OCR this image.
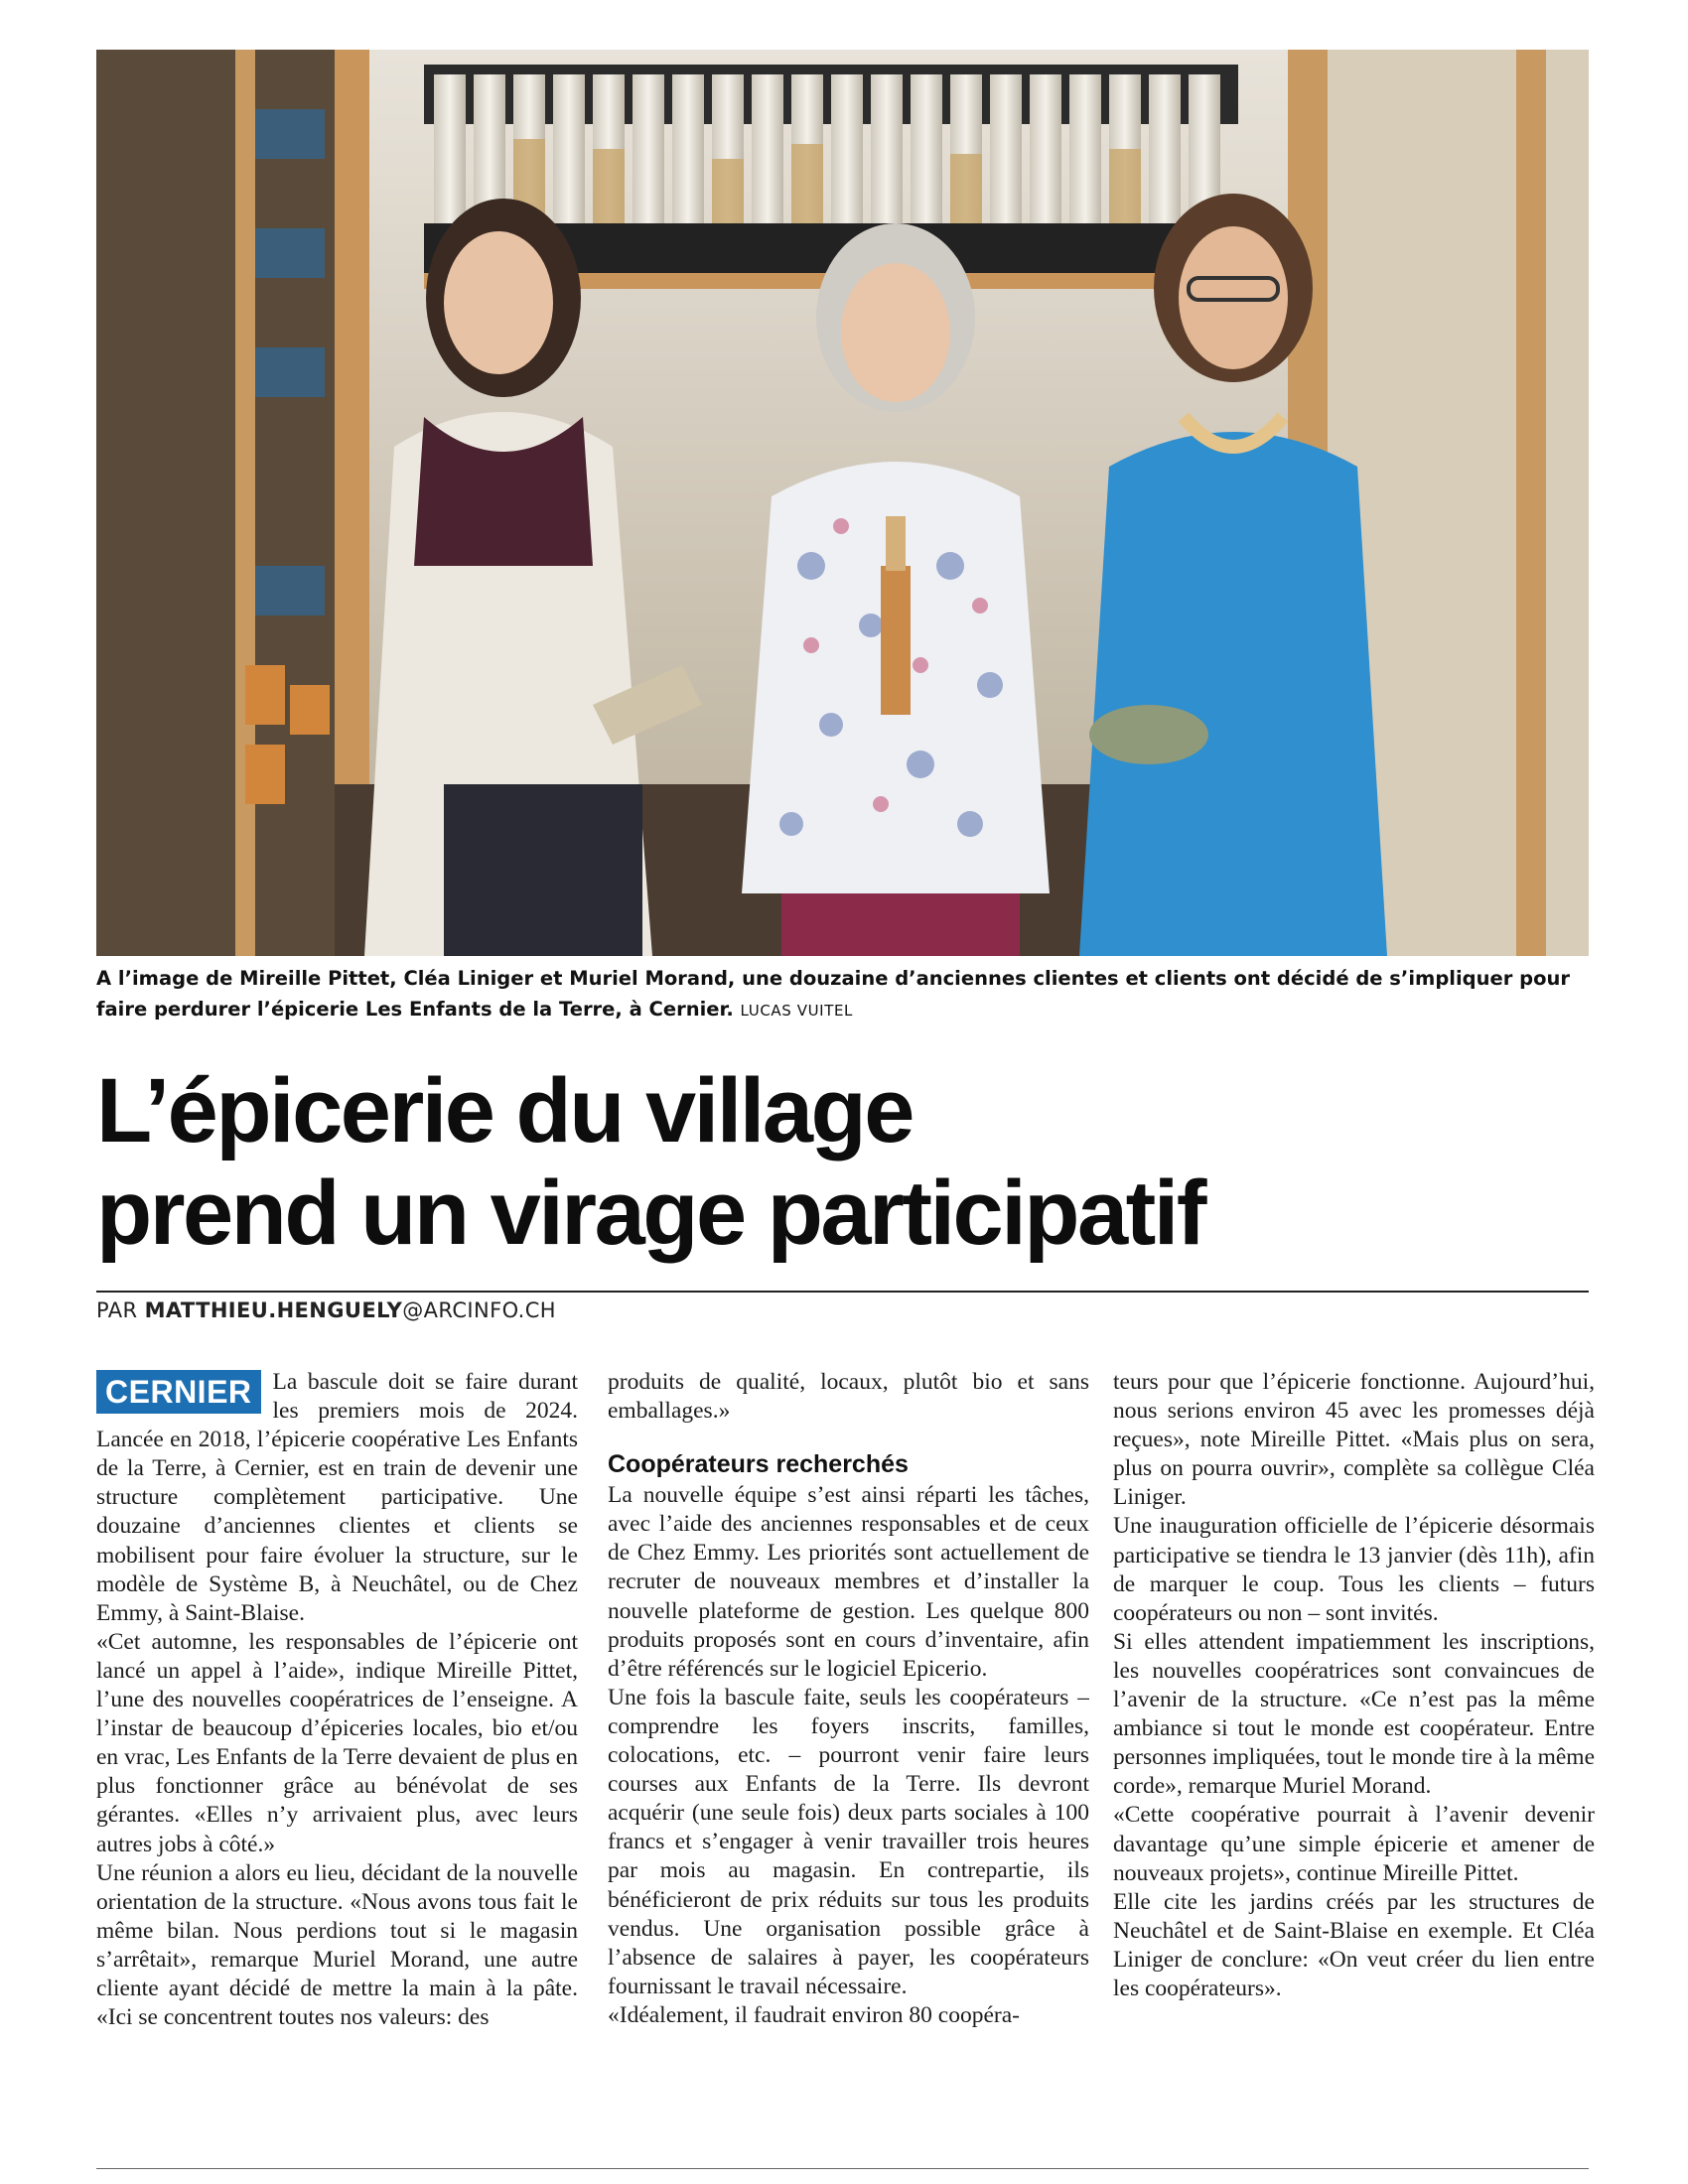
A l’image de Mireille Pittet, Cléa Liniger et Muriel Morand, une douzaine d’anciennes clientes et clients ont décidé de s’impliquer pour faire perdurer l’épicerie Les Enfants de la Terre, à Cernier. LUCAS VUITEL
L’épicerie du village
prend un virage participatif
PAR MATTHIEU.HENGUELY@ARCINFO.CH

CERNIER La bascule doit se faire durant les premiers mois de 2024. Lancée en 2018, l’épicerie coopérative Les Enfants de la Terre, à Cernier, est en train de devenir une structure complètement participative. Une douzaine d’anciennes clientes et clients se mobilisent pour faire évoluer la structure, sur le modèle de Système B, à Neuchâtel, ou de Chez Emmy, à Saint-Blaise.

«Cet automne, les responsables de l’épicerie ont lancé un appel à l’aide», indique Mireille Pittet, l’une des nouvelles coopératrices de l’enseigne. A l’instar de beaucoup d’épiceries locales, bio et/ou en vrac, Les Enfants de la Terre devaient de plus en plus fonctionner grâce au bénévolat de ses gérantes. «Elles n’y arrivaient plus, avec leurs autres jobs à côté.»

Une réunion a alors eu lieu, décidant de la nouvelle orientation de la structure. «Nous avons tous fait le même bilan. Nous perdions tout si le magasin s’arrêtait», remarque Muriel Morand, une autre cliente ayant décidé de mettre la main à la pâte. «Ici se concentrent toutes nos valeurs: des

produits de qualité, locaux, plutôt bio et sans emballages.»

Coopérateurs recherchés

La nouvelle équipe s’est ainsi réparti les tâches, avec l’aide des anciennes responsables et de ceux de Chez Emmy. Les priorités sont actuellement de recruter de nouveaux membres et d’installer la nouvelle plateforme de gestion. Les quelque 800 produits proposés sont en cours d’inventaire, afin d’être référencés sur le logiciel Epicerio.

Une fois la bascule faite, seuls les coopérateurs – comprendre les foyers inscrits, familles, colocations, etc. – pourront venir faire leurs courses aux Enfants de la Terre. Ils devront acquérir (une seule fois) deux parts sociales à 100 francs et s’engager à venir travailler trois heures par mois au magasin. En contrepartie, ils bénéficieront de prix réduits sur tous les produits vendus. Une organisation possible grâce à l’absence de salaires à payer, les coopérateurs fournissant le travail nécessaire.

«Idéalement, il faudrait environ 80 coopéra-

teurs pour que l’épicerie fonctionne. Aujourd’hui, nous serions environ 45 avec les promesses déjà reçues», note Mireille Pittet. «Mais plus on sera, plus on pourra ouvrir», complète sa collègue Cléa Liniger.

Une inauguration officielle de l’épicerie désormais participative se tiendra le 13 janvier (dès 11h), afin de marquer le coup. Tous les clients – futurs coopérateurs ou non – sont invités.

Si elles attendent impatiemment les inscriptions, les nouvelles coopératrices sont convaincues de l’avenir de la structure. «Ce n’est pas la même ambiance si tout le monde est coopérateur. Entre personnes impliquées, tout le monde tire à la même corde», remarque Muriel Morand.

«Cette coopérative pourrait à l’avenir devenir davantage qu’une simple épicerie et amener de nouveaux projets», continue Mireille Pittet.

Elle cite les jardins créés par les structures de Neuchâtel et de Saint-Blaise en exemple. Et Cléa Liniger de conclure: «On veut créer du lien entre les coopérateurs».
